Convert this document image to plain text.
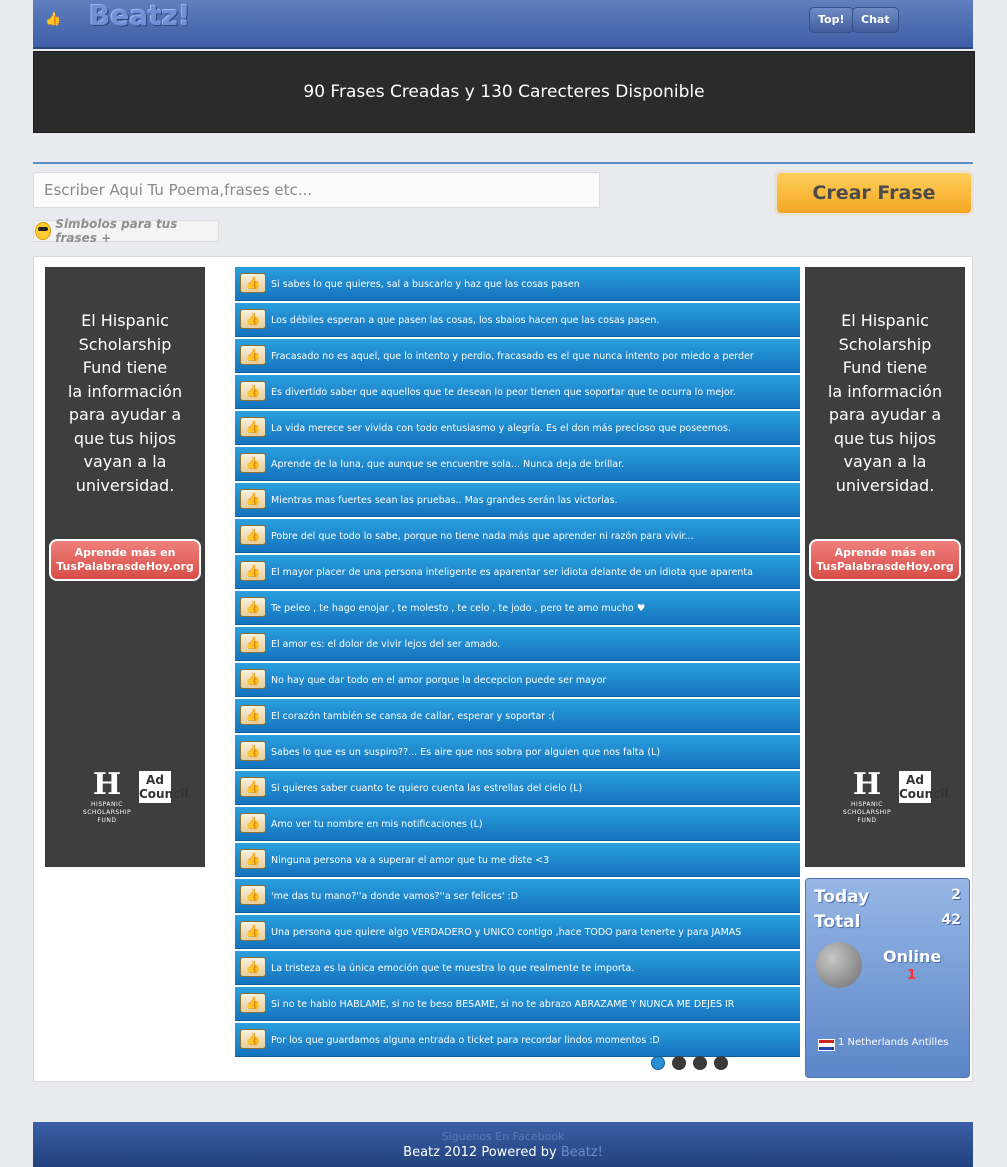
👍 Beatz!	Top!	Chat
90 Frases Creadas y 130 Carecteres Disponible
Escriber Aqui Tu Poema,frases etc...
Crear Frase
Simbolos para tus frases +
El Hispanic
Scholarship
Fund tiene
la información
para ayudar a
que tus hijos
vayan a la
universidad.
Aprende más en
TusPalabrasdeHoy.org
H
HISPANIC
SCHOLARSHIP
FUND
Ad Council
👍	Si sabes lo que quieres, sal a buscarlo y haz que las cosas pasen
👍	Los débiles esperan a que pasen las cosas, los sbaios hacen que las cosas pasen.
👍	Fracasado no es aquel, que lo intento y perdio, fracasado es el que nunca intento por miedo a perder
👍	Es divertido saber que aquellos que te desean lo peor tienen que soportar que te ocurra lo mejor.
👍	La vida merece ser vivida con todo entusiasmo y alegría. Es el don más precioso que poseemos.
👍	Aprende de la luna, que aunque se encuentre sola... Nunca deja de brillar.
👍	Mientras mas fuertes sean las pruebas.. Mas grandes serán las victorias.
👍	Pobre del que todo lo sabe, porque no tiene nada más que aprender ni razón para vivir...
👍	El mayor placer de una persona inteligente es aparentar ser idiota delante de un idiota que aparenta
👍	Te peleo , te hago enojar , te molesto , te celo , te jodo , pero te amo mucho ♥
👍	El amor es: el dolor de vivir lejos del ser amado.
👍	No hay que dar todo en el amor porque la decepcion puede ser mayor
👍	El corazón también se cansa de callar, esperar y soportar :(
👍	Sabes lo que es un suspiro??... Es aire que nos sobra por alguien que nos falta (L)
👍	Si quieres saber cuanto te quiero cuenta las estrellas del cielo (L)
👍	Amo ver tu nombre en mis notificaciones (L)
👍	Ninguna persona va a superar el amor que tu me diste <3
👍	'me das tu mano?''a donde vamos?''a ser felices' :D
👍	Una persona que quiere algo VERDADERO y UNICO contigo ,hace TODO para tenerte y para JAMAS
👍	La tristeza es la única emoción que te muestra lo que realmente te importa.
👍	Si no te hablo HABLAME, si no te beso BESAME, si no te abrazo ABRAZAME Y NUNCA ME DEJES IR
👍	Por los que guardamos alguna entrada o ticket para recordar lindos momentos :D
El Hispanic
Scholarship
Fund tiene
la información
para ayudar a
que tus hijos
vayan a la
universidad.
Aprende más en
TusPalabrasdeHoy.org
H
HISPANIC
SCHOLARSHIP
FUND
Ad Council
Today	2
Total	42
Online
1
1 Netherlands Antilles
Siguenos En Facebook
Beatz 2012 Powered by Beatz!
